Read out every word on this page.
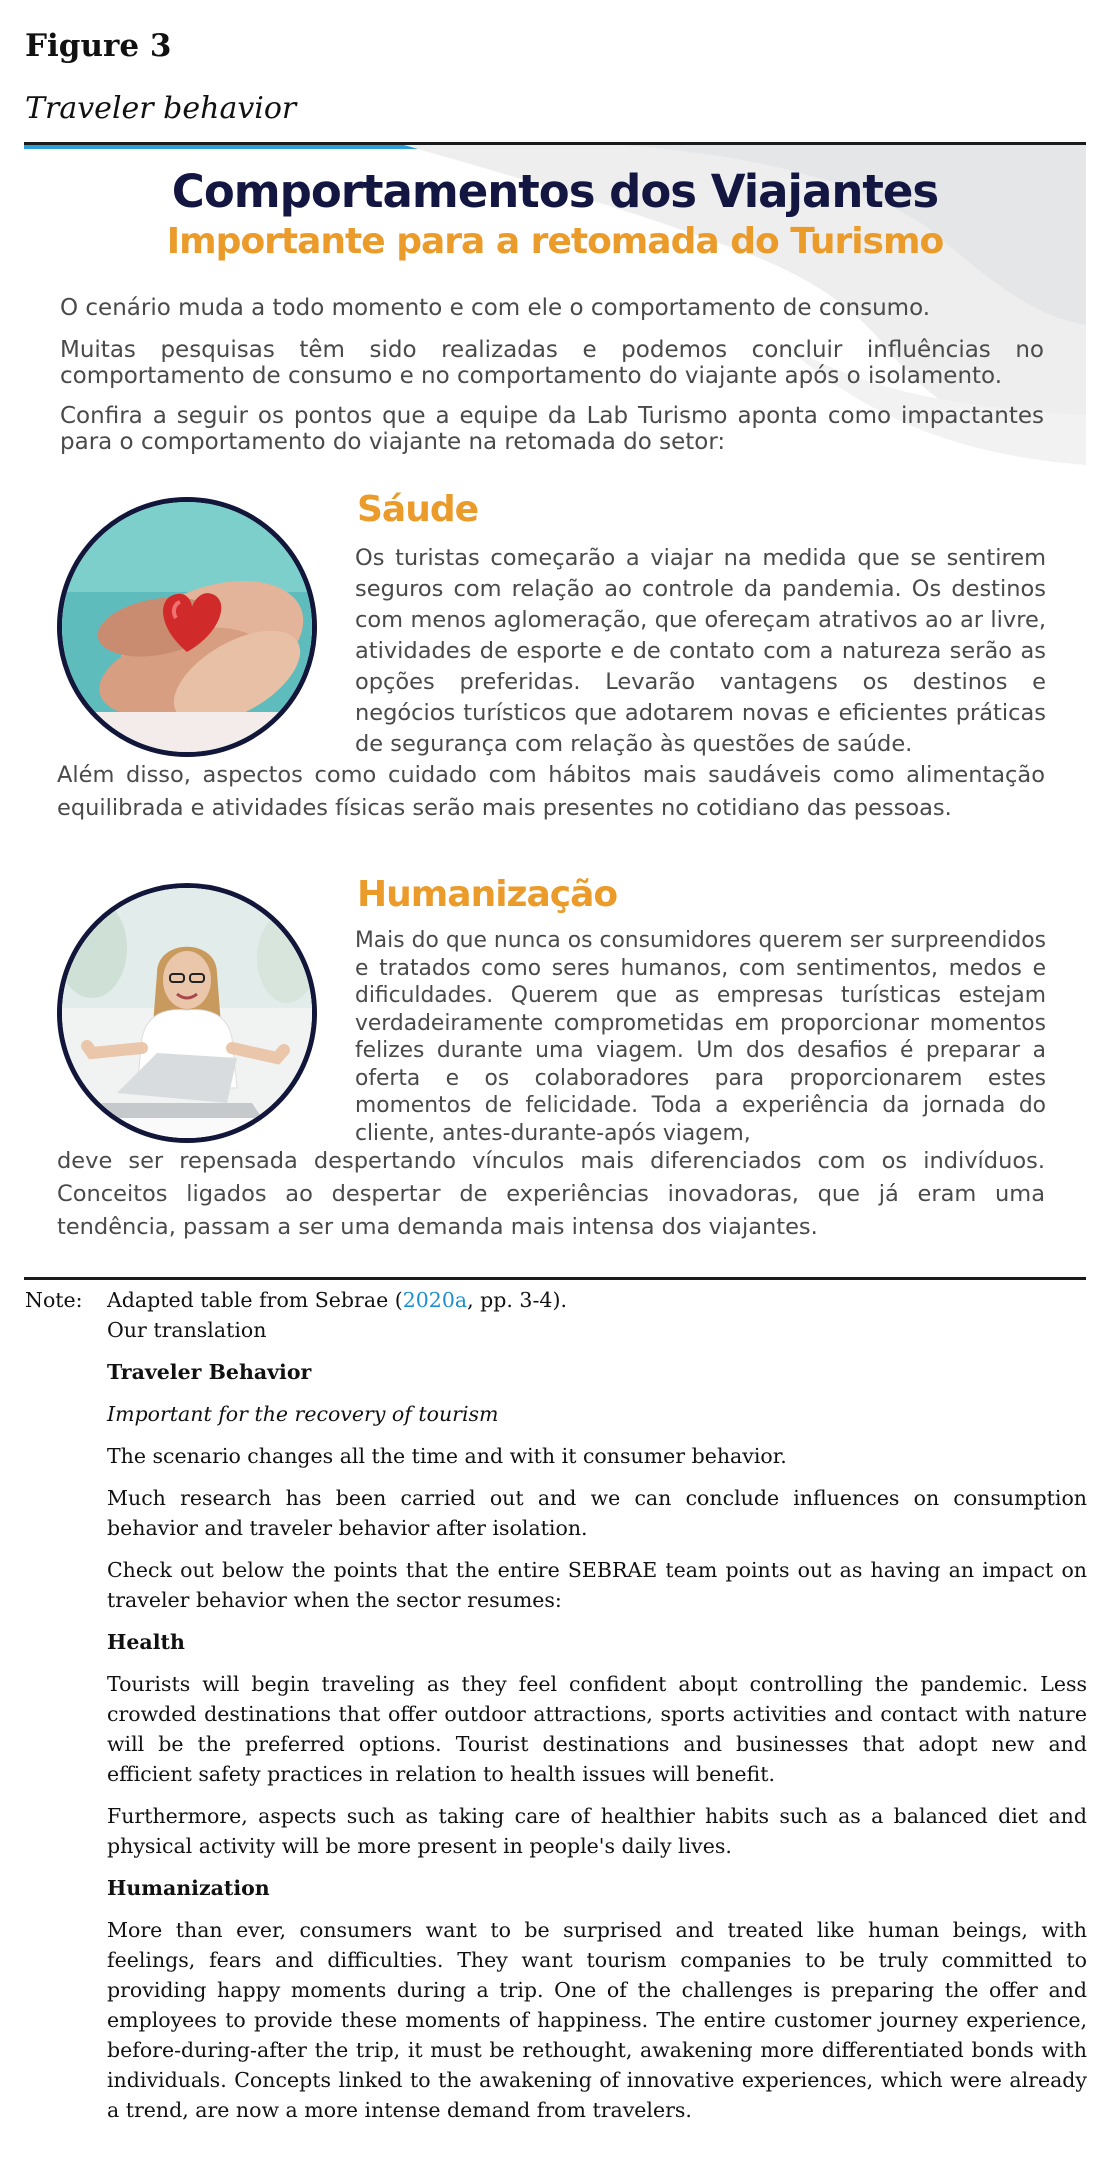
Figure 3
Traveler behavior
Comportamentos dos Viajantes
Importante para a retomada do Turismo
O cenário muda a todo momento e com ele o comportamento de consumo.
Muitas pesquisas têm sido realizadas e podemos concluir influências no comportamento de consumo e no comportamento do viajante após o isolamento.
Confira a seguir os pontos que a equipe da Lab Turismo aponta como impactantes para o comportamento do viajante na retomada do setor:
Sáude
Os turistas começarão a viajar na medida que se sentirem seguros com relação ao controle da pandemia. Os destinos com menos aglomeração, que ofereçam atrativos ao ar livre, atividades de esporte e de contato com a natureza serão as opções preferidas. Levarão vantagens os destinos e negócios turísticos que adotarem novas e eficientes práticas de segurança com relação às questões de saúde.
Além disso, aspectos como cuidado com hábitos mais saudáveis como alimentação equilibrada e atividades físicas serão mais presentes no cotidiano das pessoas.
Humanização
Mais do que nunca os consumidores querem ser surpreendidos e tratados como seres humanos, com sentimentos, medos e dificuldades. Querem que as empresas turísticas estejam verdadeiramente comprometidas em proporcionar momentos felizes durante uma viagem. Um dos desafios é preparar a oferta e os colaboradores para proporcionarem estes momentos de felicidade. Toda a experiência da jornada do cliente, antes-durante-após viagem,
deve ser repensada despertando vínculos mais diferenciados com os indivíduos. Conceitos ligados ao despertar de experiências inovadoras, que já eram uma tendência, passam a ser uma demanda mais intensa dos viajantes.
Note: Adapted table from Sebrae (2020a, pp. 3-4).

Our translation

Traveler Behavior

Important for the recovery of tourism

The scenario changes all the time and with it consumer behavior.

Much research has been carried out and we can conclude influences on consumption behavior and traveler behavior after isolation.

Check out below the points that the entire SEBRAE team points out as having an impact on traveler behavior when the sector resumes:

Health

Tourists will begin traveling as they feel confident aboμt controlling the pandemic. Less crowded destinations that offer outdoor attractions, sports activities and contact with nature will be the preferred options. Tourist destinations and businesses that adopt new and efficient safety practices in relation to health issues will benefit.

Furthermore, aspects such as taking care of healthier habits such as a balanced diet and physical activity will be more present in people's daily lives.

Humanization

More than ever, consumers want to be surprised and treated like human beings, with feelings, fears and difficulties. They want tourism companies to be truly committed to providing happy moments during a trip. One of the challenges is preparing the offer and employees to provide these moments of happiness. The entire customer journey experience, before-during-after the trip, it must be rethought, awakening more differentiated bonds with individuals. Concepts linked to the awakening of innovative experiences, which were already a trend, are now a more intense demand from travelers.
